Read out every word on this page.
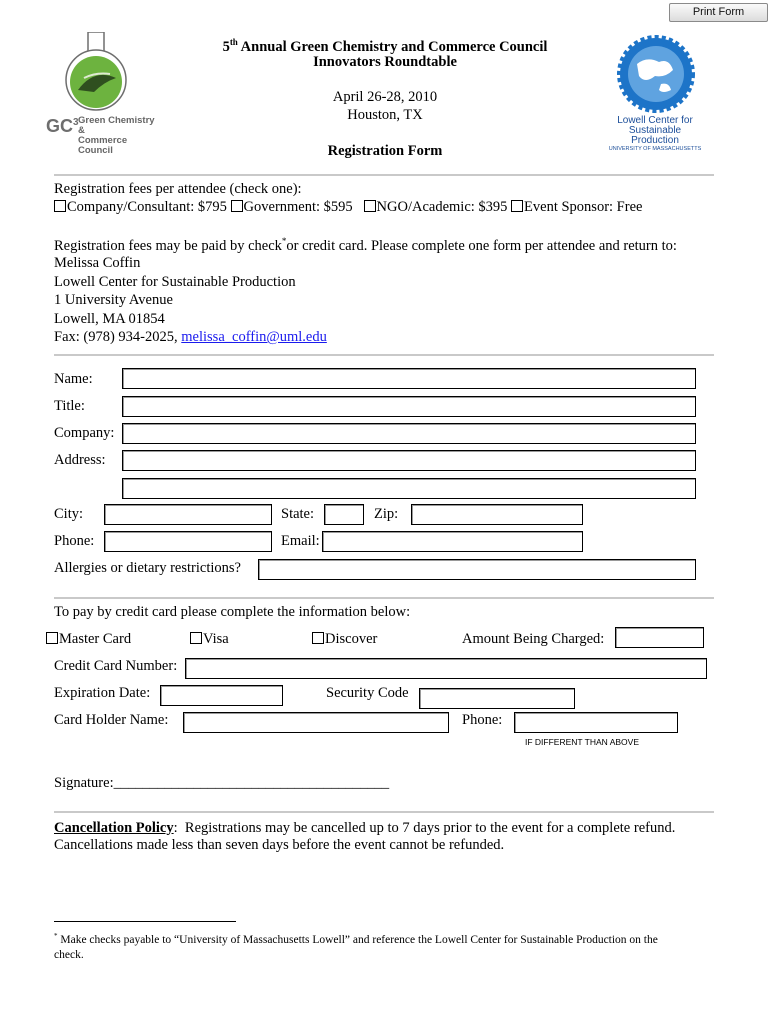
Print Form
$GC^3$ Green Chemistry &
Commerce Council
Lowell Center for
Sustainable Production
UNIVERSITY OF MASSACHUSETTS
5th Annual Green Chemistry and Commerce Council
Innovators Roundtable
April 26-28, 2010
Houston, TX
Registration Form
Registration fees per attendee (check one):
Company/Consultant: $795 Government: $595 NGO/Academic: $395 Event Sponsor: Free
Registration fees may be paid by check*or credit card. Please complete one form per attendee and return to:
Melissa Coffin
Lowell Center for Sustainable Production
1 University Avenue
Lowell, MA 01854
Fax: (978) 934-2025, melissa_coffin@uml.edu
Name:
Title:
Company:
Address:
City:	State:	Zip:
Phone:	Email:
Allergies or dietary restrictions?
To pay by credit card please complete the information below:
Master Card	Visa	Discover	Amount Being Charged:
Credit Card Number:
Expiration Date:	Security Code
Card Holder Name:	Phone:
IF DIFFERENT THAN ABOVE
Signature:______________________________________
Cancellation Policy: Registrations may be cancelled up to 7 days prior to the event for a complete refund.
Cancellations made less than seven days before the event cannot be refunded.
* Make checks payable to “University of Massachusetts Lowell” and reference the Lowell Center for Sustainable Production on the
check.
